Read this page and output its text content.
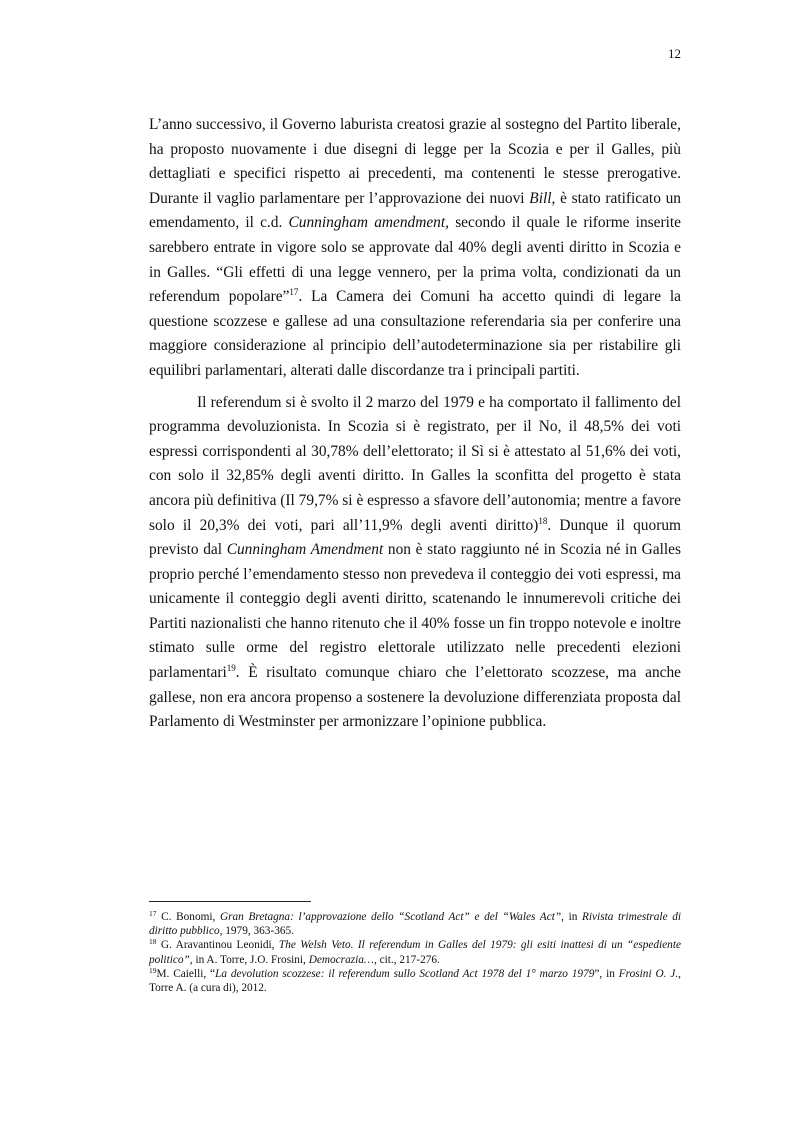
12

L’anno successivo, il Governo laburista creatosi grazie al sostegno del Partito liberale, ha proposto nuovamente i due disegni di legge per la Scozia e per il Galles, più dettagliati e specifici rispetto ai precedenti, ma contenenti le stesse prerogative. Durante il vaglio parlamentare per l’approvazione dei nuovi Bill, è stato ratificato un emendamento, il c.d. Cunningham amendment, secondo il quale le riforme inserite sarebbero entrate in vigore solo se approvate dal 40% degli aventi diritto in Scozia e in Galles. “Gli effetti di una legge vennero, per la prima volta, condizionati da un referendum popolare”$^{17}$. La Camera dei Comuni ha accetto quindi di legare la questione scozzese e gallese ad una consultazione referendaria sia per conferire una maggiore considerazione al principio dell’autodeterminazione sia per ristabilire gli equilibri parlamentari, alterati dalle discordanze tra i principali partiti.

Il referendum si è svolto il 2 marzo del 1979 e ha comportato il fallimento del programma devoluzionista. In Scozia si è registrato, per il No, il 48,5% dei voti espressi corrispondenti al 30,78% dell’elettorato; il Sì si è attestato al 51,6% dei voti, con solo il 32,85% degli aventi diritto. In Galles la sconfitta del progetto è stata ancora più definitiva (Il 79,7% si è espresso a sfavore dell’autonomia; mentre a favore solo il 20,3% dei voti, pari all’11,9% degli aventi diritto)$^{18}$. Dunque il quorum previsto dal Cunningham Amendment non è stato raggiunto né in Scozia né in Galles proprio perché l’emendamento stesso non prevedeva il conteggio dei voti espressi, ma unicamente il conteggio degli aventi diritto, scatenando le innumerevoli critiche dei Partiti nazionalisti che hanno ritenuto che il 40% fosse un fin troppo notevole e inoltre stimato sulle orme del registro elettorale utilizzato nelle precedenti elezioni parlamentari$^{19}$. È risultato comunque chiaro che l’elettorato scozzese, ma anche gallese, non era ancora propenso a sostenere la devoluzione differenziata proposta dal Parlamento di Westminster per armonizzare l’opinione pubblica.

$^{17}$ C. Bonomi, Gran Bretagna: l’approvazione dello “Scotland Act” e del “Wales Act”, in Rivista trimestrale di diritto pubblico, 1979, 363-365.

$^{18}$ G. Aravantinou Leonidi, The Welsh Veto. Il referendum in Galles del 1979: gli esiti inattesi di un “espediente politico”, in A. Torre, J.O. Frosini, Democrazia…, cit., 217-276.

$^{19}$M. Caielli, “La devolution scozzese: il referendum sullo Scotland Act 1978 del 1° marzo 1979”, in Frosini O. J., Torre A. (a cura di), 2012.
